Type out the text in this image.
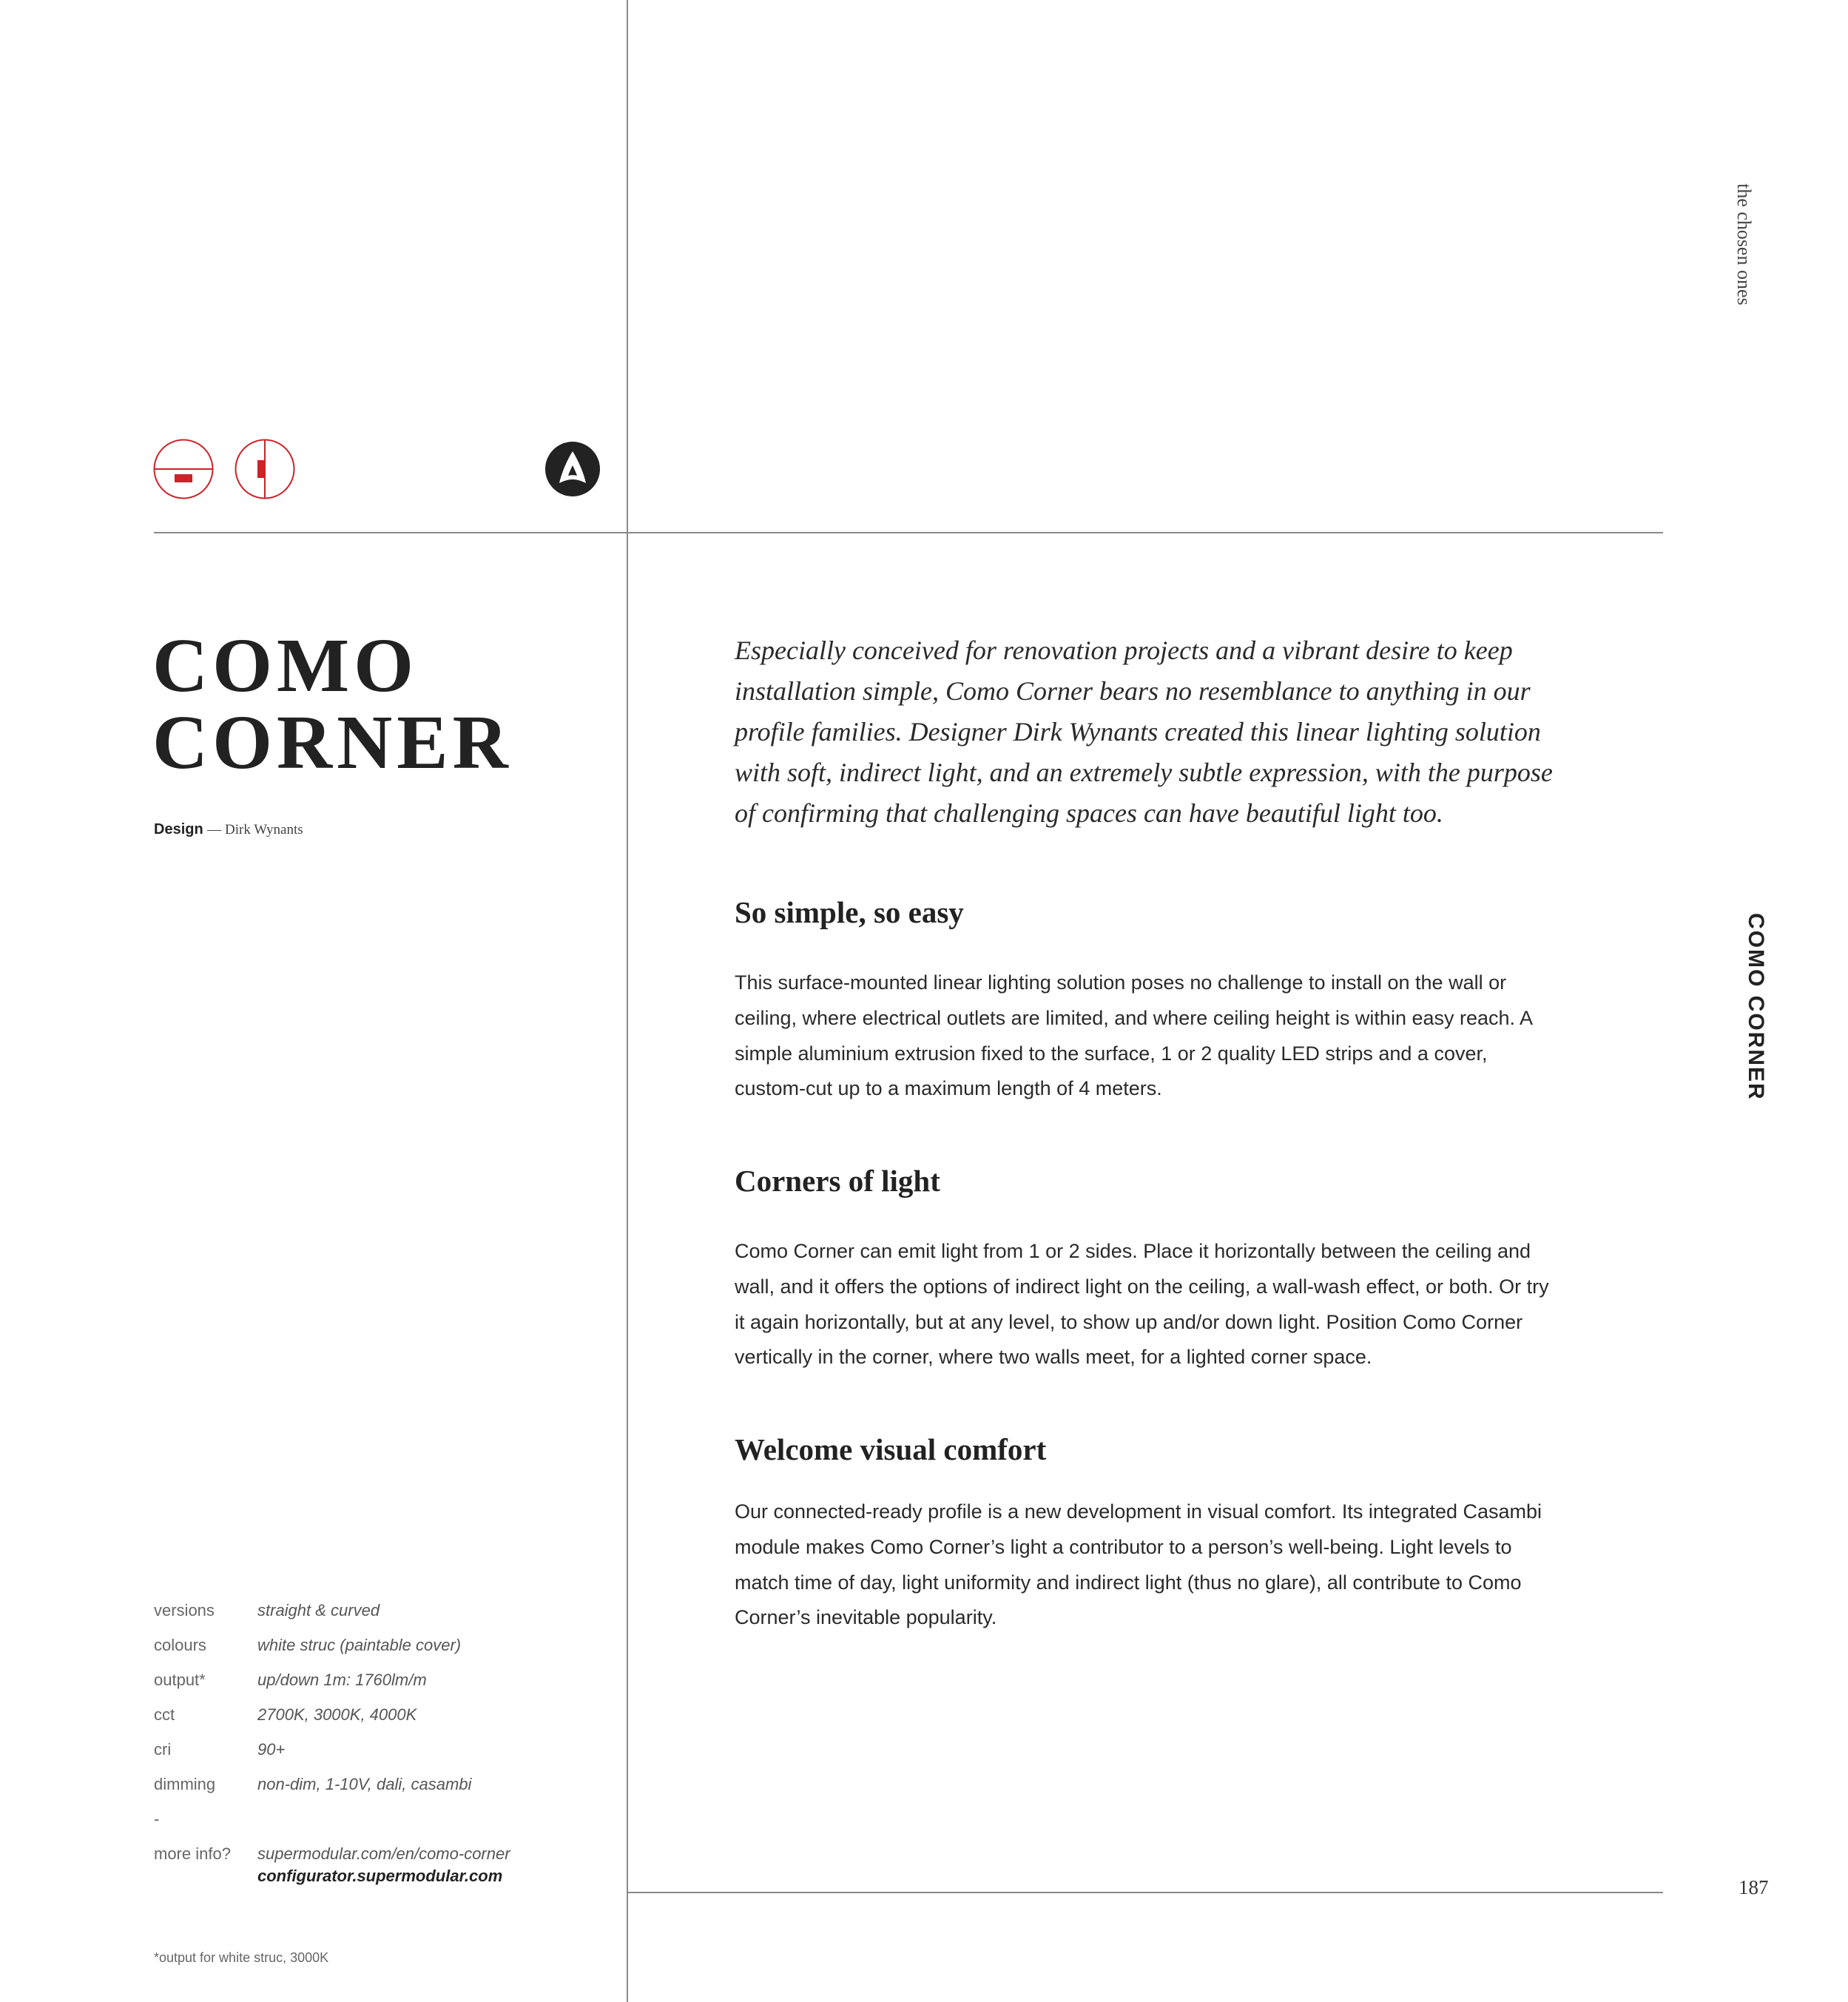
the chosen ones
COMO CORNER
COMO
CORNER
Design — Dirk Wynants

Especially conceived for renovation projects and a vibrant desire to keep installation simple, Como Corner bears no resemblance to anything in our profile families. Designer Dirk Wynants created this linear lighting solution with soft, indirect light, and an extremely subtle expression, with the purpose of confirming that challenging spaces can have beautiful light too.

So simple, so easy

This surface-mounted linear lighting solution poses no challenge to install on the wall or ceiling, where electrical outlets are limited, and where ceiling height is within easy reach. A simple aluminium extrusion fixed to the surface, 1 or 2 quality LED strips and a cover, custom-cut up to a maximum length of 4 meters.

Corners of light

Como Corner can emit light from 1 or 2 sides. Place it horizontally between the ceiling and wall, and it offers the options of indirect light on the ceiling, a wall-wash effect, or both. Or try it again horizontally, but at any level, to show up and/or down light. Position Como Corner vertically in the corner, where two walls meet, for a lighted corner space.

Welcome visual comfort

Our connected-ready profile is a new development in visual comfort. Its integrated Casambi module makes Como Corner’s light a contributor to a person’s well-being. Light levels to match time of day, light uniformity and indirect light (thus no glare), all contribute to Como Corner’s inevitable popularity.

versions	straight & curved
colours	white struc (paintable cover)
output*	up/down 1m: 1760lm/m
cct	2700K, 3000K, 4000K
cri	90+
dimming	non-dim, 1-10V, dali, casambi
-
more info?	supermodular.com/en/como-corner
configurator.supermodular.com
*output for white struc, 3000K
187
